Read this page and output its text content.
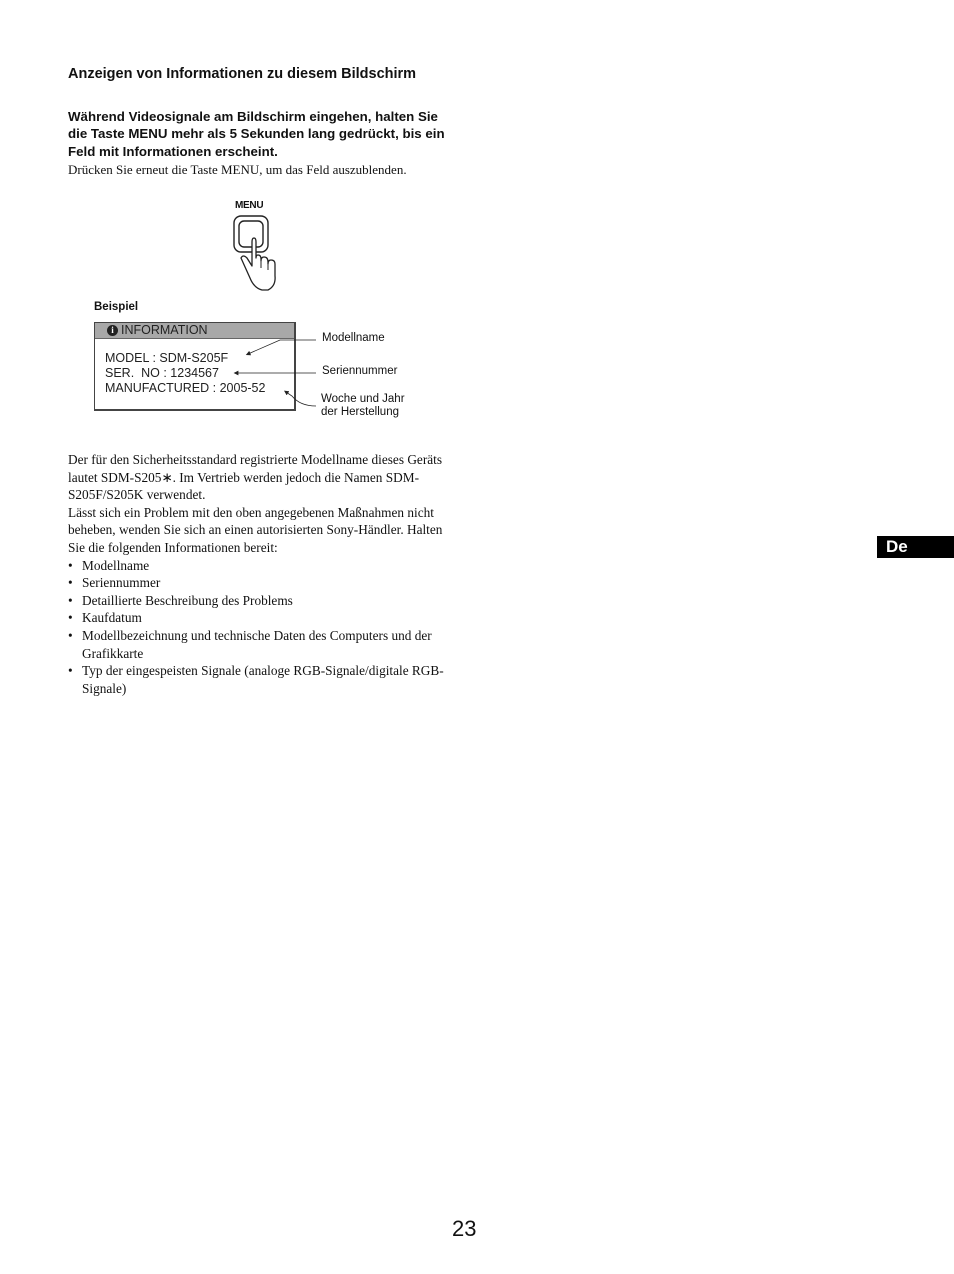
Anzeigen von Informationen zu diesem Bildschirm
Während Videosignale am Bildschirm eingehen, halten Sie die Taste MENU mehr als 5 Sekunden lang gedrückt, bis ein Feld mit Informationen erscheint.
Drücken Sie erneut die Taste MENU, um das Feld auszublenden.
MENU
Beispiel
i INFORMATION
MODEL : SDM-S205F
SER.  NO : 1234567
MANUFACTURED : 2005-52
Modellname
Seriennummer
Woche und Jahr
der Herstellung

Der für den Sicherheitsstandard registrierte Modellname dieses Geräts lautet SDM-S205∗. Im Vertrieb werden jedoch die Namen SDM-S205F/S205K verwendet.

Lässt sich ein Problem mit den oben angegebenen Maßnahmen nicht beheben, wenden Sie sich an einen autorisierten Sony-Händler. Halten Sie die folgenden Informationen bereit:

• Modellname
• Seriennummer
• Detaillierte Beschreibung des Problems
• Kaufdatum
• Modellbezeichnung und technische Daten des Computers und der Grafikkarte
• Typ der eingespeisten Signale (analoge RGB-Signale/digitale RGB-Signale)
De
23
